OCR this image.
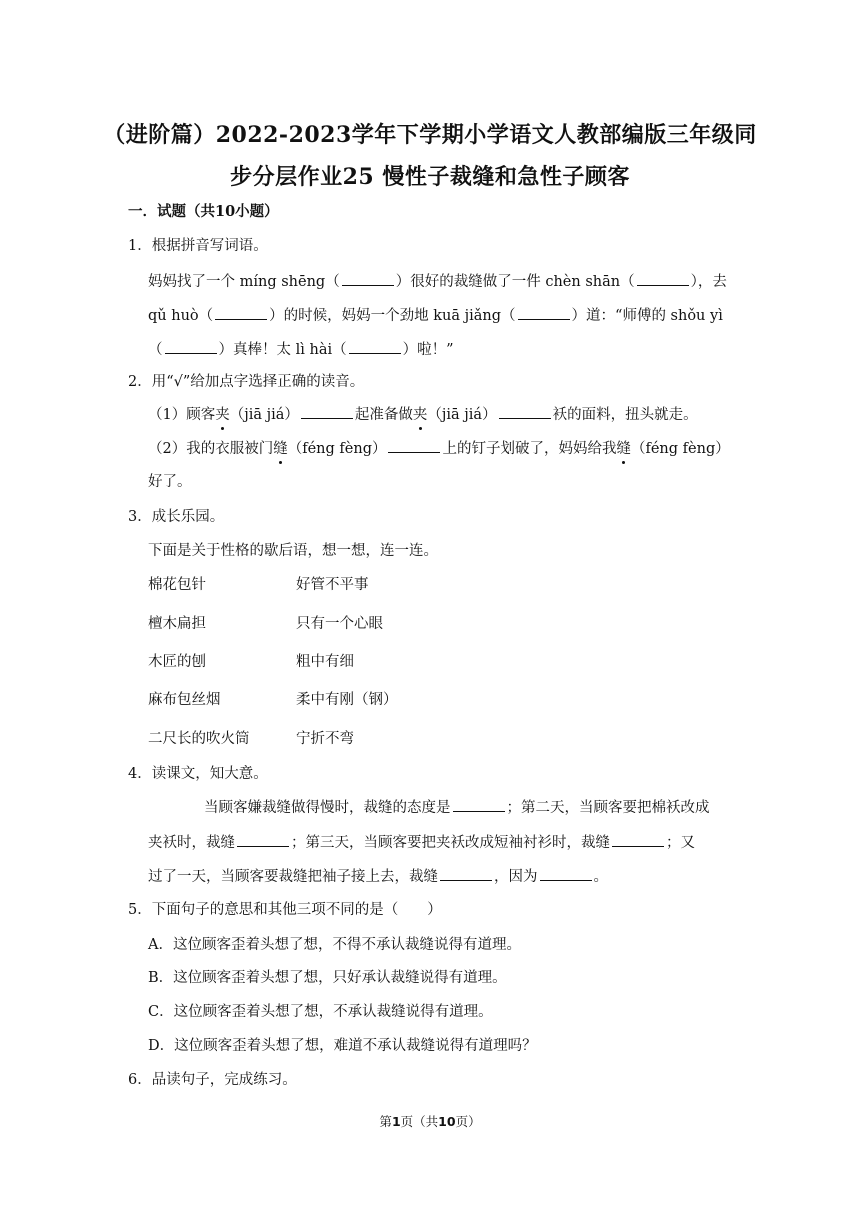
（进阶篇）2022-2023学年下学期小学语文人教部编版三年级同
步分层作业25 慢性子裁缝和急性子顾客
一．试题（共10小题）
1．根据拼音写词语。
妈妈找了一个 míng shēng（	）很好的裁缝做了一件 chèn shān（	），去
qǔ huò（	）的时候，妈妈一个劲地 kuā jiǎng（	）道：“师傅的 shǒu yì
（	）真棒！太 lì hài（	）啦！”
2．用“√”给加点字选择正确的读音。
（1）顾客夹（jiā jiá）	起准备做夹（jiā jiá）	袄的面料，扭头就走。
（2）我的衣服被门缝（féng fèng）	上的钉子划破了，妈妈给我缝（féng fèng）
好了。
3．成长乐园。
下面是关于性格的歇后语，想一想，连一连。
棉花包针	好管不平事
檀木扁担	只有一个心眼
木匠的刨	粗中有细
麻布包丝烟	柔中有刚（钢）
二尺长的吹火筒	宁折不弯
4．读课文，知大意。
当顾客嫌裁缝做得慢时，裁缝的态度是	；第二天，当顾客要把棉袄改成
夹袄时，裁缝	；第三天，当顾客要把夹袄改成短袖衬衫时，裁缝	；又
过了一天，当顾客要裁缝把袖子接上去，裁缝	，因为	。
5．下面句子的意思和其他三项不同的是（　　）
A．这位顾客歪着头想了想，不得不承认裁缝说得有道理。
B．这位顾客歪着头想了想，只好承认裁缝说得有道理。
C．这位顾客歪着头想了想，不承认裁缝说得有道理。
D．这位顾客歪着头想了想，难道不承认裁缝说得有道理吗？
6．品读句子，完成练习。
第1页（共10页）
